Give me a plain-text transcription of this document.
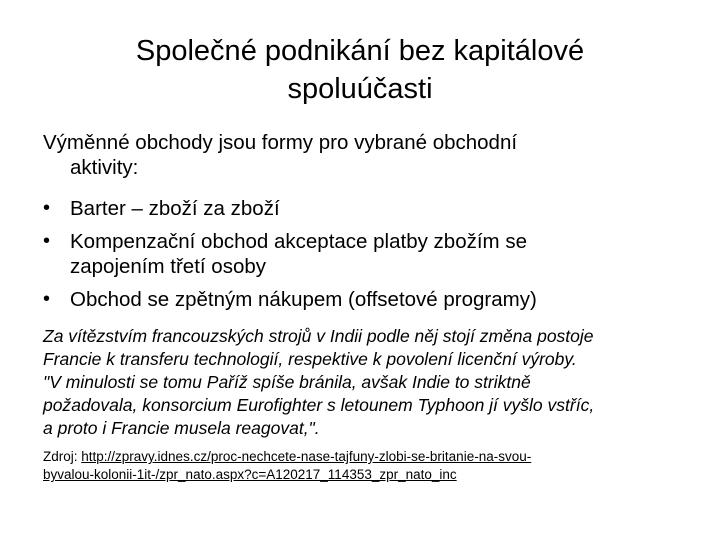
Společné podnikání bez kapitálové
spoluúčasti
Výměnné obchody jsou formy pro vybrané obchodní
aktivity:
• Barter – zboží za zboží
• Kompenzační obchod akceptace platby zbožím se
zapojením třetí osoby
• Obchod se zpětným nákupem (offsetové programy)
Za vítězstvím francouzských strojů v Indii podle něj stojí změna postoje
Francie k transferu technologií, respektive k povolení licenční výroby.
"V minulosti se tomu Paříž spíše bránila, avšak Indie to striktně
požadovala, konsorcium Eurofighter s letounem Typhoon jí vyšlo vstříc,
a proto i Francie musela reagovat,".
Zdroj: http://zpravy.idnes.cz/proc-nechcete-nase-tajfuny-zlobi-se-britanie-na-svou-
byvalou-kolonii-1it-/zpr_nato.aspx?c=A120217_114353_zpr_nato_inc
